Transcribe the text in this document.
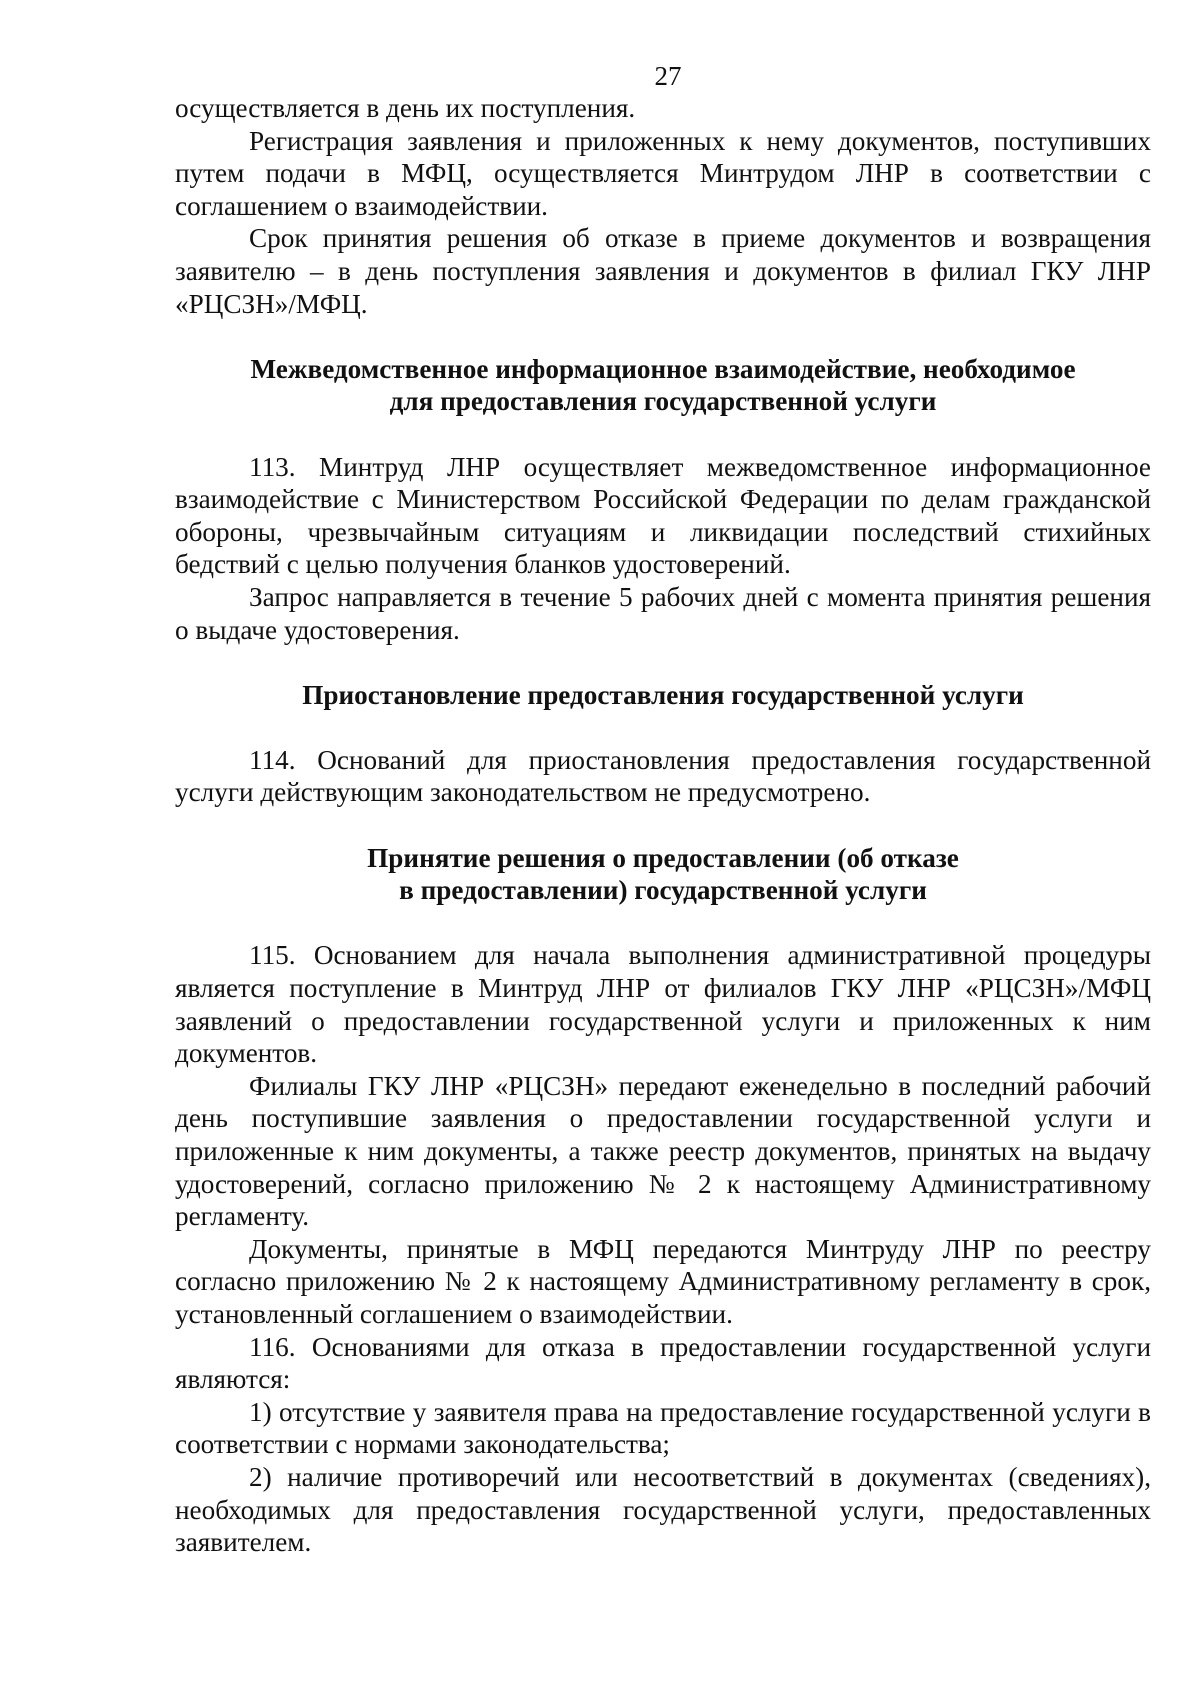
27

осуществляется в день их поступления.

Регистрация заявления и приложенных к нему документов, поступивших путем подачи в МФЦ, осуществляется Минтрудом ЛНР в соответствии с соглашением о взаимодействии.

Срок принятия решения об отказе в приеме документов и возвращения заявителю – в день поступления заявления и документов в филиал ГКУ ЛНР «РЦСЗН»/МФЦ.

Межведомственное информационное взаимодействие, необходимое
для предоставления государственной услуги

113. Минтруд ЛНР осуществляет межведомственное информационное взаимодействие с Министерством Российской Федерации по делам гражданской обороны, чрезвычайным ситуациям и ликвидации последствий стихийных бедствий с целью получения бланков удостоверений.

Запрос направляется в течение 5 рабочих дней с момента принятия решения о выдаче удостоверения.

Приостановление предоставления государственной услуги

114. Оснований для приостановления предоставления государственной услуги действующим законодательством не предусмотрено.

Принятие решения о предоставлении (об отказе
в предоставлении) государственной услуги

115. Основанием для начала выполнения административной процедуры является поступление в Минтруд ЛНР от филиалов ГКУ ЛНР «РЦСЗН»/МФЦ заявлений о предоставлении государственной услуги и приложенных к ним документов.

Филиалы ГКУ ЛНР «РЦСЗН» передают еженедельно в последний рабочий день поступившие заявления о предоставлении государственной услуги и приложенные к ним документы, а также реестр документов, принятых на выдачу удостоверений, согласно приложению № 2 к настоящему Административному регламенту.

Документы, принятые в МФЦ передаются Минтруду ЛНР по реестру согласно приложению № 2 к настоящему Административному регламенту в срок, установленный соглашением о взаимодействии.

116. Основаниями для отказа в предоставлении государственной услуги являются:

1) отсутствие у заявителя права на предоставление государственной услуги в соответствии с нормами законодательства;

2) наличие противоречий или несоответствий в документах (сведениях), необходимых для предоставления государственной услуги, предоставленных заявителем.
